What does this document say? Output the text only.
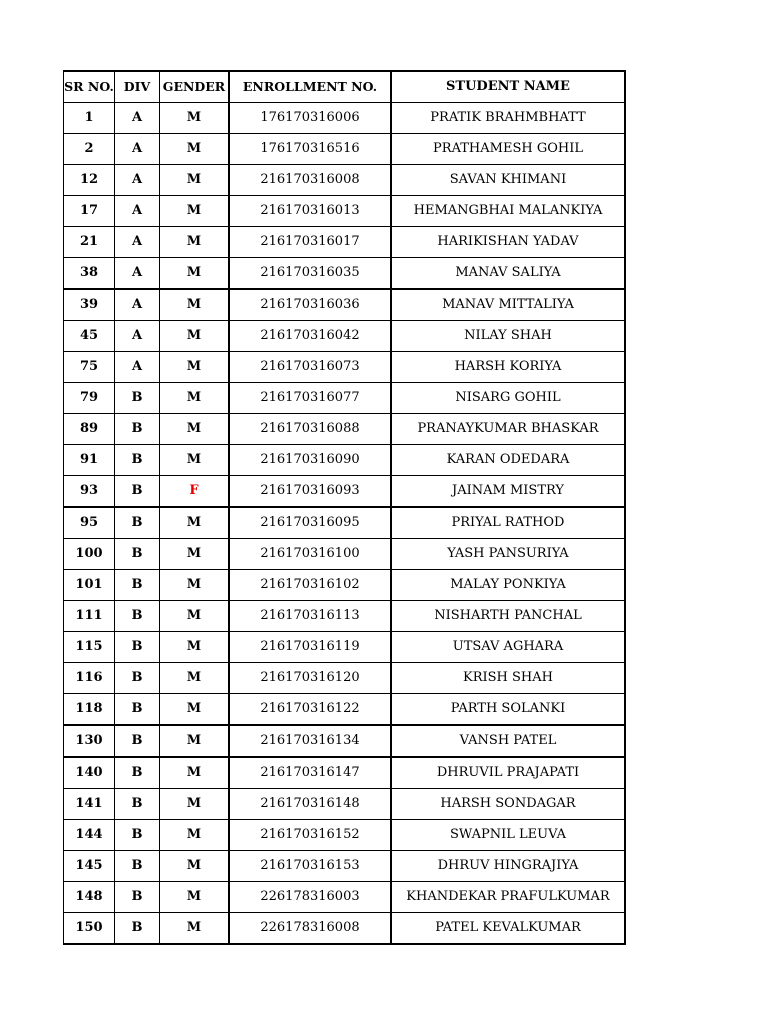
SR NO.	DIV	GENDER	ENROLLMENT NO.	STUDENT NAME
1	A	M	176170316006	PRATIK BRAHMBHATT
2	A	M	176170316516	PRATHAMESH GOHIL
12	A	M	216170316008	SAVAN KHIMANI
17	A	M	216170316013	HEMANGBHAI MALANKIYA
21	A	M	216170316017	HARIKISHAN YADAV
38	A	M	216170316035	MANAV SALIYA
39	A	M	216170316036	MANAV MITTALIYA
45	A	M	216170316042	NILAY SHAH
75	A	M	216170316073	HARSH KORIYA
79	B	M	216170316077	NISARG GOHIL
89	B	M	216170316088	PRANAYKUMAR BHASKAR
91	B	M	216170316090	KARAN ODEDARA
93	B	F	216170316093	JAINAM MISTRY
95	B	M	216170316095	PRIYAL RATHOD
100	B	M	216170316100	YASH PANSURIYA
101	B	M	216170316102	MALAY PONKIYA
111	B	M	216170316113	NISHARTH PANCHAL
115	B	M	216170316119	UTSAV AGHARA
116	B	M	216170316120	KRISH SHAH
118	B	M	216170316122	PARTH SOLANKI
130	B	M	216170316134	VANSH PATEL
140	B	M	216170316147	DHRUVIL PRAJAPATI
141	B	M	216170316148	HARSH SONDAGAR
144	B	M	216170316152	SWAPNIL LEUVA
145	B	M	216170316153	DHRUV HINGRAJIYA
148	B	M	226178316003	KHANDEKAR PRAFULKUMAR
150	B	M	226178316008	PATEL KEVALKUMAR
